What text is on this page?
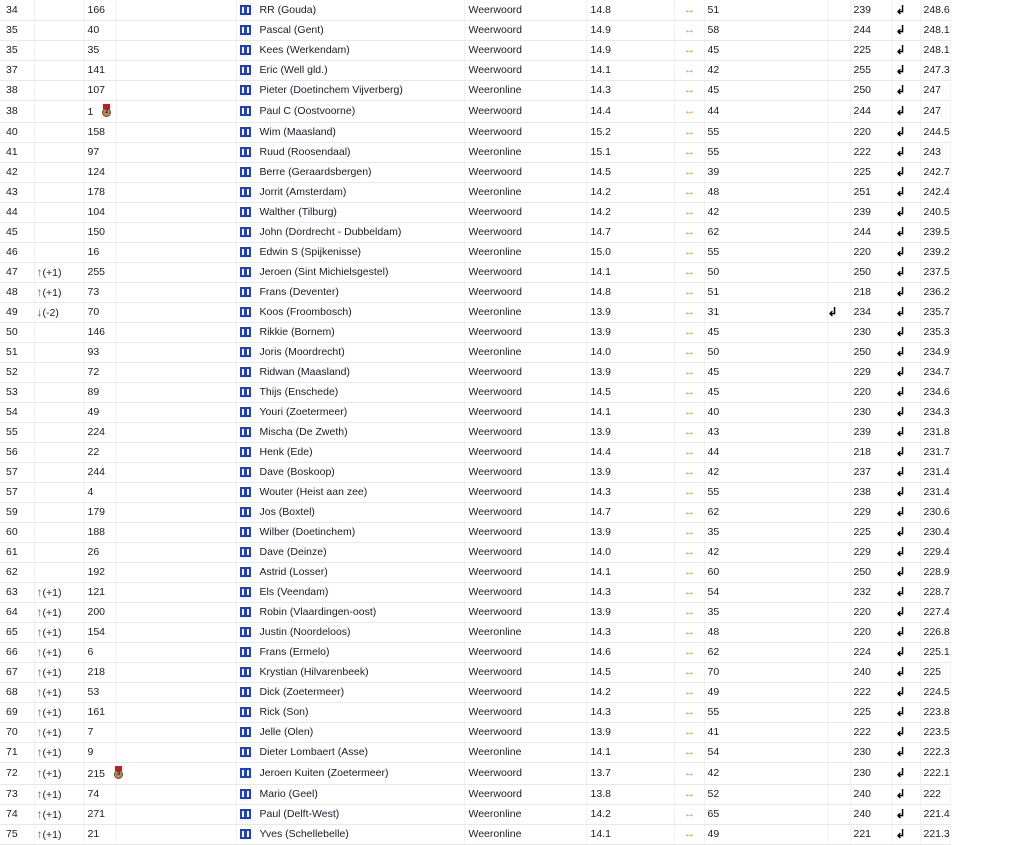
34		166		RR (Gouda)	Weerwoord	14.8	↔	51		239	↲	248.6
35		40		Pascal (Gent)	Weerwoord	14.9	↔	58		244	↲	248.1
35		35		Kees (Werkendam)	Weerwoord	14.9	↔	45		225	↲	248.1
37		141		Eric (Well gld.)	Weerwoord	14.1	↔	42		255	↲	247.3
38		107		Pieter (Doetinchem Vijverberg)	Weeronline	14.3	↔	45		250	↲	247
38		1 2		Paul C (Oostvoorne)	Weerwoord	14.4	↔	44		244	↲	247
40		158		Wim (Maasland)	Weerwoord	15.2	↔	55		220	↲	244.5
41		97		Ruud (Roosendaal)	Weeronline	15.1	↔	55		222	↲	243
42		124		Berre (Geraardsbergen)	Weerwoord	14.5	↔	39		225	↲	242.7
43		178		Jorrit (Amsterdam)	Weeronline	14.2	↔	48		251	↲	242.4
44		104		Walther (Tilburg)	Weerwoord	14.2	↔	42		239	↲	240.5
45		150		John (Dordrecht - Dubbeldam)	Weerwoord	14.7	↔	62		244	↲	239.5
46		16		Edwin S (Spijkenisse)	Weeronline	15.0	↔	55		220	↲	239.2
47	↑(+1)	255		Jeroen (Sint Michielsgestel)	Weerwoord	14.1	↔	50		250	↲	237.5
48	↑(+1)	73		Frans (Deventer)	Weerwoord	14.8	↔	51		218	↲	236.2
49	↓(-2)	70		Koos (Froombosch)	Weeronline	13.9	↔	31	↲	234	↲	235.7
50		146		Rikkie (Bornem)	Weerwoord	13.9	↔	45		230	↲	235.3
51		93		Joris (Moordrecht)	Weeronline	14.0	↔	50		250	↲	234.9
52		72		Ridwan (Maasland)	Weerwoord	13.9	↔	45		229	↲	234.7
53		89		Thijs (Enschede)	Weerwoord	14.5	↔	45		220	↲	234.6
54		49		Youri (Zoetermeer)	Weerwoord	14.1	↔	40		230	↲	234.3
55		224		Mischa (De Zweth)	Weerwoord	13.9	↔	43		239	↲	231.8
56		22		Henk (Ede)	Weerwoord	14.4	↔	44		218	↲	231.7
57		244		Dave (Boskoop)	Weerwoord	13.9	↔	42		237	↲	231.4
57		4		Wouter (Heist aan zee)	Weerwoord	14.3	↔	55		238	↲	231.4
59		179		Jos (Boxtel)	Weerwoord	14.7	↔	62		229	↲	230.6
60		188		Wilber (Doetinchem)	Weerwoord	13.9	↔	35		225	↲	230.4
61		26		Dave (Deinze)	Weerwoord	14.0	↔	42		229	↲	229.4
62		192		Astrid (Losser)	Weerwoord	14.1	↔	60		250	↲	228.9
63	↑(+1)	121		Els (Veendam)	Weerwoord	14.3	↔	54		232	↲	228.7
64	↑(+1)	200		Robin (Vlaardingen-oost)	Weerwoord	13.9	↔	35		220	↲	227.4
65	↑(+1)	154		Justin (Noordeloos)	Weeronline	14.3	↔	48		220	↲	226.8
66	↑(+1)	6		Frans (Ermelo)	Weerwoord	14.6	↔	62		224	↲	225.1
67	↑(+1)	218		Krystian (Hilvarenbeek)	Weerwoord	14.5	↔	70		240	↲	225
68	↑(+1)	53		Dick (Zoetermeer)	Weerwoord	14.2	↔	49		222	↲	224.5
69	↑(+1)	161		Rick (Son)	Weerwoord	14.3	↔	55		225	↲	223.8
70	↑(+1)	7		Jelle (Olen)	Weerwoord	13.9	↔	41		222	↲	223.5
71	↑(+1)	9		Dieter Lombaert (Asse)	Weeronline	14.1	↔	54		230	↲	222.3
72	↑(+1)	215 3		Jeroen Kuiten (Zoetermeer)	Weerwoord	13.7	↔	42		230	↲	222.1
73	↑(+1)	74		Mario (Geel)	Weerwoord	13.8	↔	52		240	↲	222
74	↑(+1)	271		Paul (Delft-West)	Weeronline	14.2	↔	65		240	↲	221.4
75	↑(+1)	21		Yves (Schellebelle)	Weeronline	14.1	↔	49		221	↲	221.3
